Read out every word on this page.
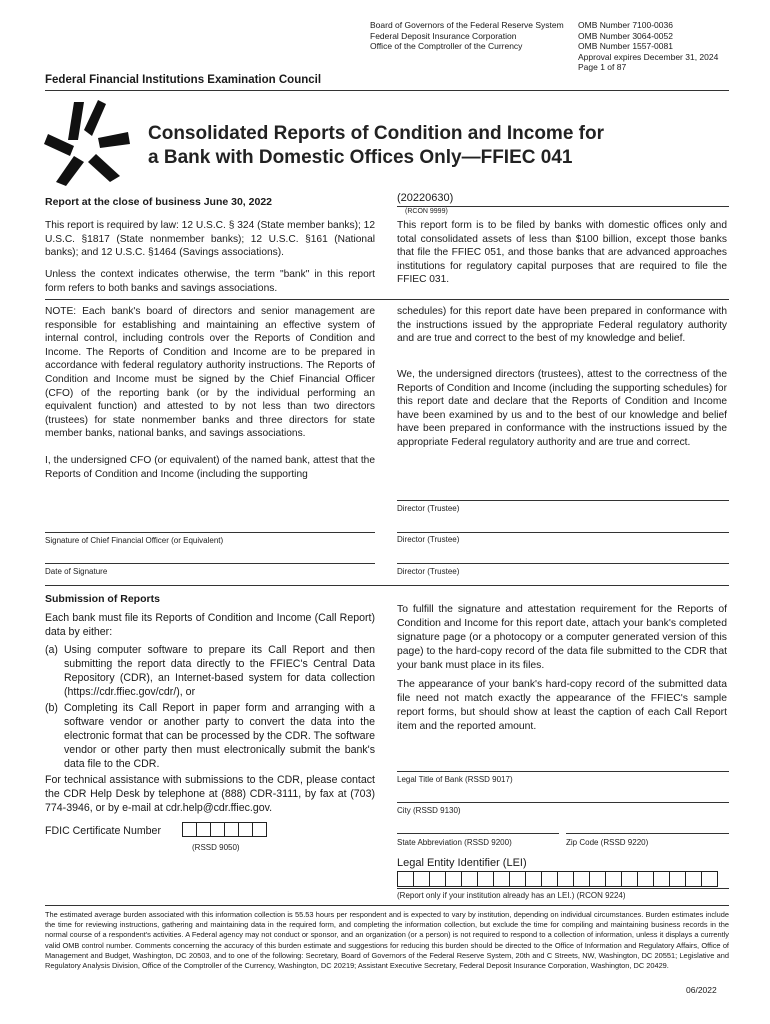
Board of Governors of the Federal Reserve System
Federal Deposit Insurance Corporation
Office of the Comptroller of the Currency
OMB Number 7100-0036
OMB Number 3064-0052
OMB Number 1557-0081
Approval expires December 31, 2024
Page 1 of 87
Federal Financial Institutions Examination Council
Consolidated Reports of Condition and Income for
a Bank with Domestic Offices Only—FFIEC 041
Report at the close of business June 30, 2022	(20220630)
(RCON 9999)
This report is required by law: 12 U.S.C. § 324 (State member banks); 12 U.S.C. §1817 (State nonmember banks); 12 U.S.C. §161 (National banks); and 12 U.S.C. §1464 (Savings associations).
Unless the context indicates otherwise, the term "bank" in this report form refers to both banks and savings associations.
This report form is to be filed by banks with domestic offices only and total consolidated assets of less than $100 billion, except those banks that file the FFIEC 051, and those banks that are advanced approaches institutions for regulatory capital purposes that are required to file the FFIEC 031.
NOTE: Each bank's board of directors and senior management are responsible for establishing and maintaining an effective system of internal control, including controls over the Reports of Condition and Income. The Reports of Condition and Income are to be prepared in accordance with federal regulatory authority instructions. The Reports of Condition and Income must be signed by the Chief Financial Officer (CFO) of the reporting bank (or by the individual performing an equivalent function) and attested to by not less than two directors (trustees) for state nonmember banks and three directors for state member banks, national banks, and savings associations.
I, the undersigned CFO (or equivalent) of the named bank, attest that the Reports of Condition and Income (including the supporting
schedules) for this report date have been prepared in conformance with the instructions issued by the appropriate Federal regulatory authority and are true and correct to the best of my knowledge and belief.
We, the undersigned directors (trustees), attest to the correctness of the Reports of Condition and Income (including the supporting schedules) for this report date and declare that the Reports of Condition and Income have been examined by us and to the best of our knowledge and belief have been prepared in conformance with the instructions issued by the appropriate Federal regulatory authority and are true and correct.
Director (Trustee)
Signature of Chief Financial Officer (or Equivalent)	Director (Trustee)
Date of Signature	Director (Trustee)
Submission of Reports
Each bank must file its Reports of Condition and Income (Call Report) data by either:
(a) Using computer software to prepare its Call Report and then submitting the report data directly to the FFIEC's Central Data Repository (CDR), an Internet-based system for data collection (https://cdr.ffiec.gov/cdr/), or

(b) Completing its Call Report in paper form and arranging with a software vendor or another party to convert the data into the electronic format that can be processed by the CDR. The software vendor or other party then must electronically submit the bank's data file to the CDR.

For technical assistance with submissions to the CDR, please contact the CDR Help Desk by telephone at (888) CDR-3111, by fax at (703) 774-3946, or by e-mail at cdr.help@cdr.ffiec.gov.
FDIC Certificate Number
(RSSD 9050)
To fulfill the signature and attestation requirement for the Reports of Condition and Income for this report date, attach your bank's completed signature page (or a photocopy or a computer generated version of this page) to the hard-copy record of the data file submitted to the CDR that your bank must place in its files.
The appearance of your bank's hard-copy record of the submitted data file need not match exactly the appearance of the FFIEC's sample report forms, but should show at least the caption of each Call Report item and the reported amount.
Legal Title of Bank (RSSD 9017)
City (RSSD 9130)
State Abbreviation (RSSD 9200)	Zip Code (RSSD 9220)
Legal Entity Identifier (LEI)
(Report only if your institution already has an LEI.) (RCON 9224)
The estimated average burden associated with this information collection is 55.53 hours per respondent and is expected to vary by institution, depending on individual circumstances. Burden estimates include the time for reviewing instructions, gathering and maintaining data in the required form, and completing the information collection, but exclude the time for compiling and maintaining business records in the normal course of a respondent's activities. A Federal agency may not conduct or sponsor, and an organization (or a person) is not required to respond to a collection of information, unless it displays a currently valid OMB control number. Comments concerning the accuracy of this burden estimate and suggestions for reducing this burden should be directed to the Office of Information and Regulatory Affairs, Office of Management and Budget, Washington, DC 20503, and to one of the following: Secretary, Board of Governors of the Federal Reserve System, 20th and C Streets, NW, Washington, DC 20551; Legislative and Regulatory Analysis Division, Office of the Comptroller of the Currency, Washington, DC 20219; Assistant Executive Secretary, Federal Deposit Insurance Corporation, Washington, DC 20429.
06/2022
